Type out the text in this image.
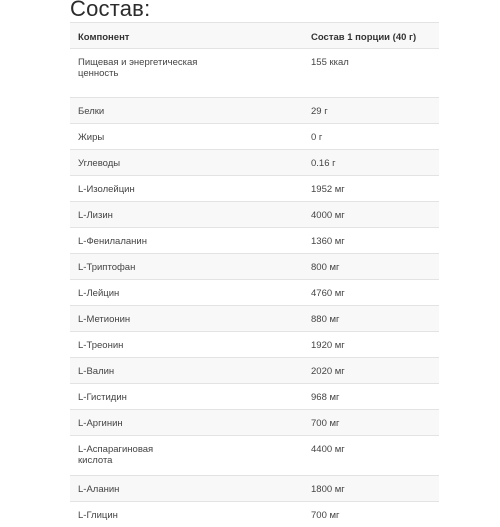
Состав:
Компонент	Состав 1 порции (40 г)
Пищевая и энергетическая ценность	155 ккал
Белки	29 г
Жиры	0 г
Углеводы	0.16 г
L-Изолейцин	1952 мг
L-Лизин	4000 мг
L-Фенилаланин	1360 мг
L-Триптофан	800 мг
L-Лейцин	4760 мг
L-Метионин	880 мг
L-Треонин	1920 мг
L-Валин	2020 мг
L-Гистидин	968 мг
L-Аргинин	700 мг
L-Аспарагиновая кислота	4400 мг
L-Аланин	1800 мг
L-Глицин	700 мг
